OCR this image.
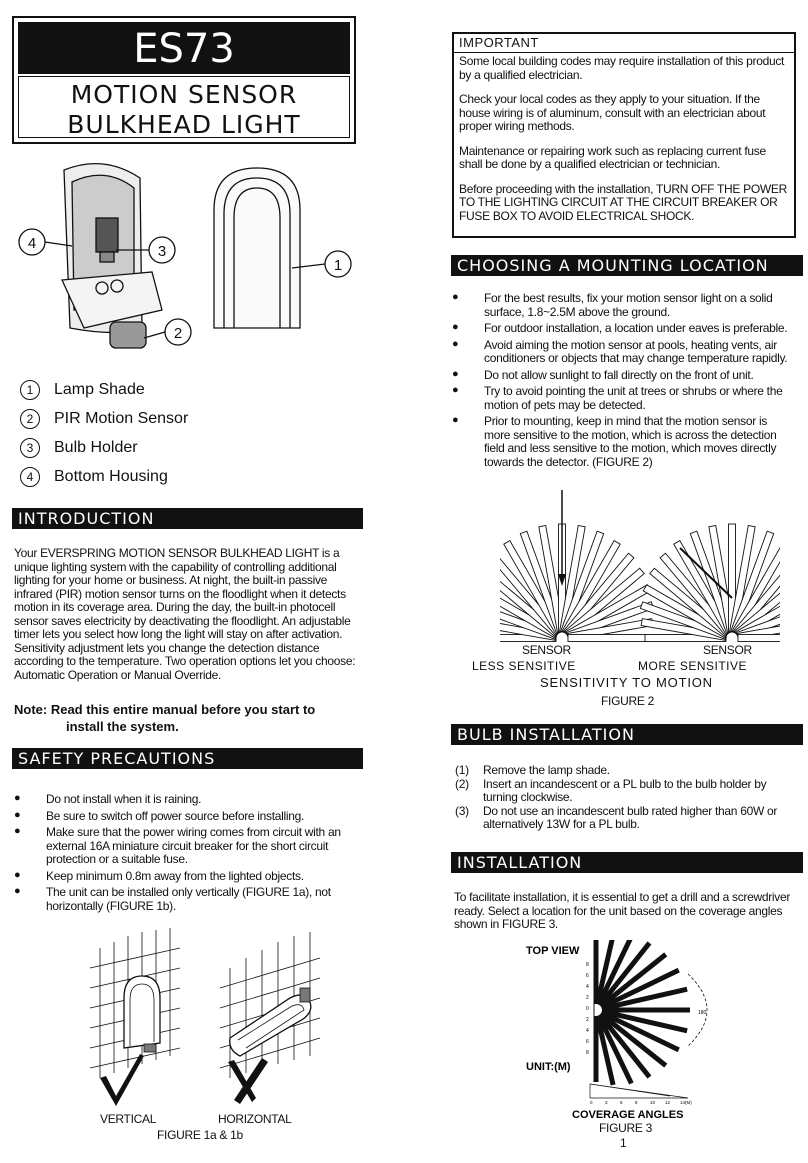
ES73
MOTION SENSOR
BULKHEAD LIGHT
4	3
1
2
1 Lamp Shade
2 PIR Motion Sensor
3 Bulb Holder
4 Bottom Housing
INTRODUCTION
Your EVERSPRING MOTION SENSOR BULKHEAD LIGHT is a unique lighting system with the capability of controlling additional lighting for your home or business. At night, the built-in passive infrared (PIR) motion sensor turns on the floodlight when it detects motion in its coverage area. During the day, the built-in photocell sensor saves electricity by deactivating the floodlight. An adjustable timer lets you select how long the light will stay on after activation. Sensitivity adjustment lets you change the detection distance according to the temperature. Two operation options let you choose: Automatic Operation or Manual Override.
Note: Read this entire manual before you start to
install the system.
SAFETY PRECAUTIONS
● Do not install when it is raining.
● Be sure to switch off power source before installing.
● Make sure that the power wiring comes from circuit with an external 16A miniature circuit breaker for the short circuit protection or a suitable fuse.
● Keep minimum 0.8m away from the lighted objects.
● The unit can be installed only vertically (FIGURE 1a), not horizontally (FIGURE 1b).
VERTICAL	HORIZONTAL
FIGURE 1a & 1b
IMPORTANT

Some local building codes may require installation of this product by a qualified electrician.

Check your local codes as they apply to your situation. If the house wiring is of aluminum, consult with an electrician about proper wiring methods.

Maintenance or repairing work such as replacing current fuse shall be done by a qualified electrician or technician.

Before proceeding with the installation, TURN OFF THE POWER TO THE LIGHTING CIRCUIT AT THE CIRCUIT BREAKER OR FUSE BOX TO AVOID ELECTRICAL SHOCK.

CHOOSING A MOUNTING LOCATION
● For the best results, fix your motion sensor light on a solid surface, 1.8~2.5M above the ground.
● For outdoor installation, a location under eaves is preferable.
● Avoid aiming the motion sensor at pools, heating vents, air conditioners or objects that may change temperature rapidly.
● Do not allow sunlight to fall directly on the front of unit.
● Try to avoid pointing the unit at trees or shrubs or where the motion of pets may be detected.
● Prior to mounting, keep in mind that the motion sensor is more sensitive to the motion, which is across the detection field and less sensitive to the motion, which moves directly towards the detector. (FIGURE 2)
SENSOR	SENSOR
LESS SENSITIVE	MORE SENSITIVE
SENSITIVITY TO MOTION
FIGURE 2
BULB INSTALLATION
(1) Remove the lamp shade.
(2) Insert an incandescent or a PL bulb to the bulb holder by turning clockwise.
(3) Do not use an incandescent bulb rated higher than 60W or alternatively 13W for a PL bulb.
INSTALLATION
To facilitate installation, it is essential to get a drill and a screwdriver ready. Select a location for the unit based on the coverage angles shown in FIGURE 3.
TOP VIEW
8
6
4
2
0
2
4
6
8
180
UNIT:(M)
0	3	6	8	10 12 14(M)
COVERAGE ANGLES
FIGURE 3
1
